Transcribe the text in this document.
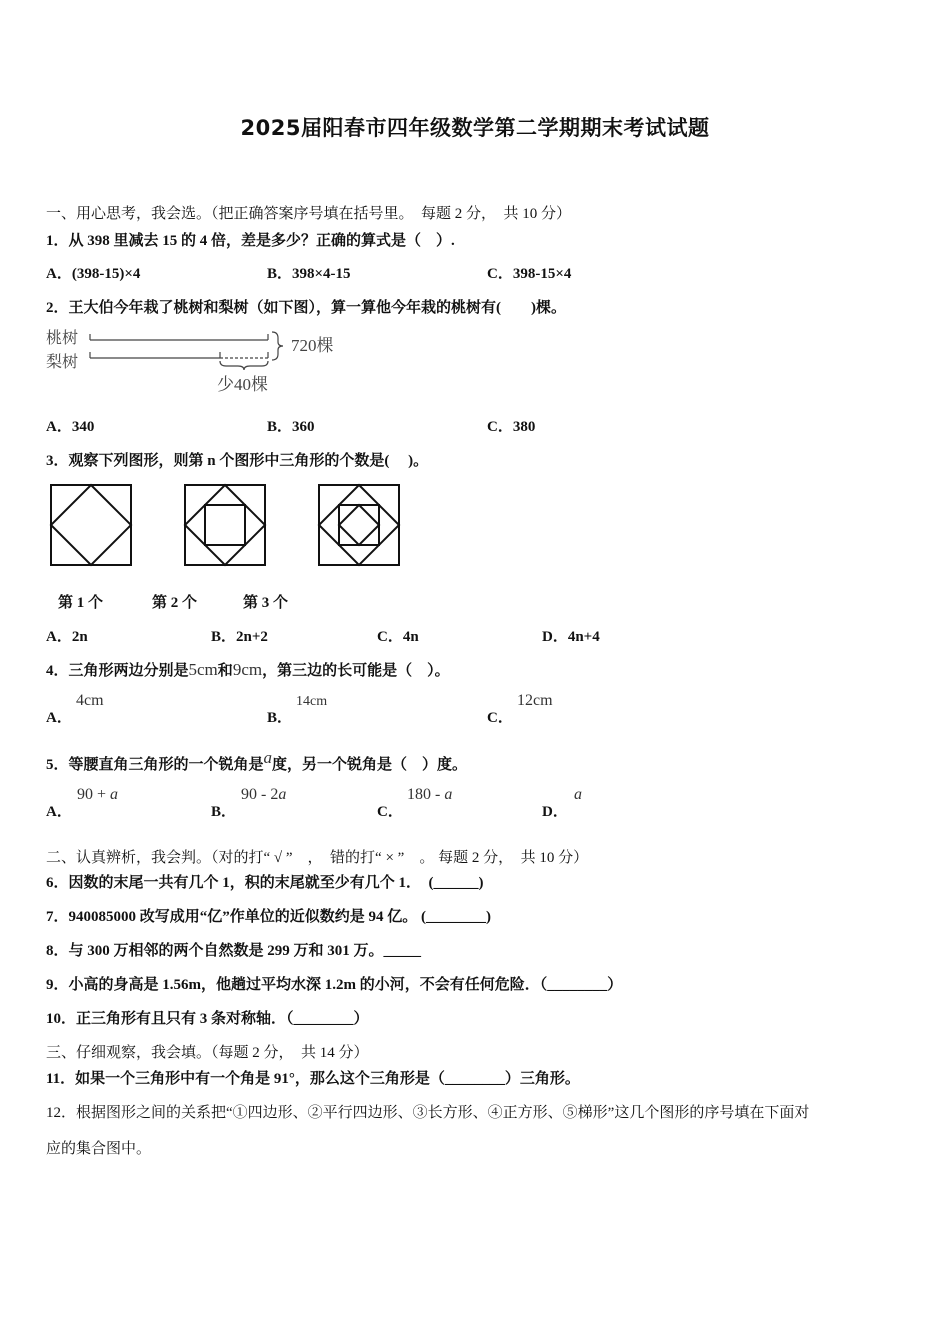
2025届阳春市四年级数学第二学期期末考试试题
一、用心思考，我会选。（把正确答案序号填在括号里。　每题 2 分，　共 10 分）
1．从 398 里减去 15 的 4 倍，差是多少？正确的算式是（　）.
A．(398-15)×4	B．398×4-15	C．398-15×4
2．王大伯今年栽了桃树和梨树（如下图），算一算他今年栽的桃树有(　　)棵。
桃树
梨树
720棵
少40棵
A．340	B．360	C．380
3．观察下列图形，则第 n 个图形中三角形的个数是(　 )。
第 1 个	第 2 个	第 3 个
A．2n	B．2n+2	C．4n	D．4n+4
4．三角形两边分别是5cm和9cm，第三边的长可能是（　）。
A．
4cm
B．
14cm
C．
12cm
5．等腰直角三角形的一个锐角是a度，另一个锐角是（　）度。
A．
90 + a
B．
90 - 2a
C．
180 - a
D．
a
二、认真辨析，我会判。（对的打“ √ ”　，　错的打“ × ”　。 每题 2 分，　共 10 分）
6．因数的末尾一共有几个 1，积的末尾就至少有几个 1．　(______)
7．940085000 改写成用“亿”作单位的近似数约是 94 亿。 (________)
8．与 300 万相邻的两个自然数是 299 万和 301 万。_____
9．小高的身高是 1.56m，他趟过平均水深 1.2m 的小河，不会有任何危险．（________）
10．正三角形有且只有 3 条对称轴．（________）
三、仔细观察，我会填。（每题 2 分，　共 14 分）
11．如果一个三角形中有一个角是 91°，那么这个三角形是（________）三角形。
12．根据图形之间的关系把“①四边形、②平行四边形、③长方形、④正方形、⑤梯形”这几个图形的序号填在下面对
应的集合图中。
